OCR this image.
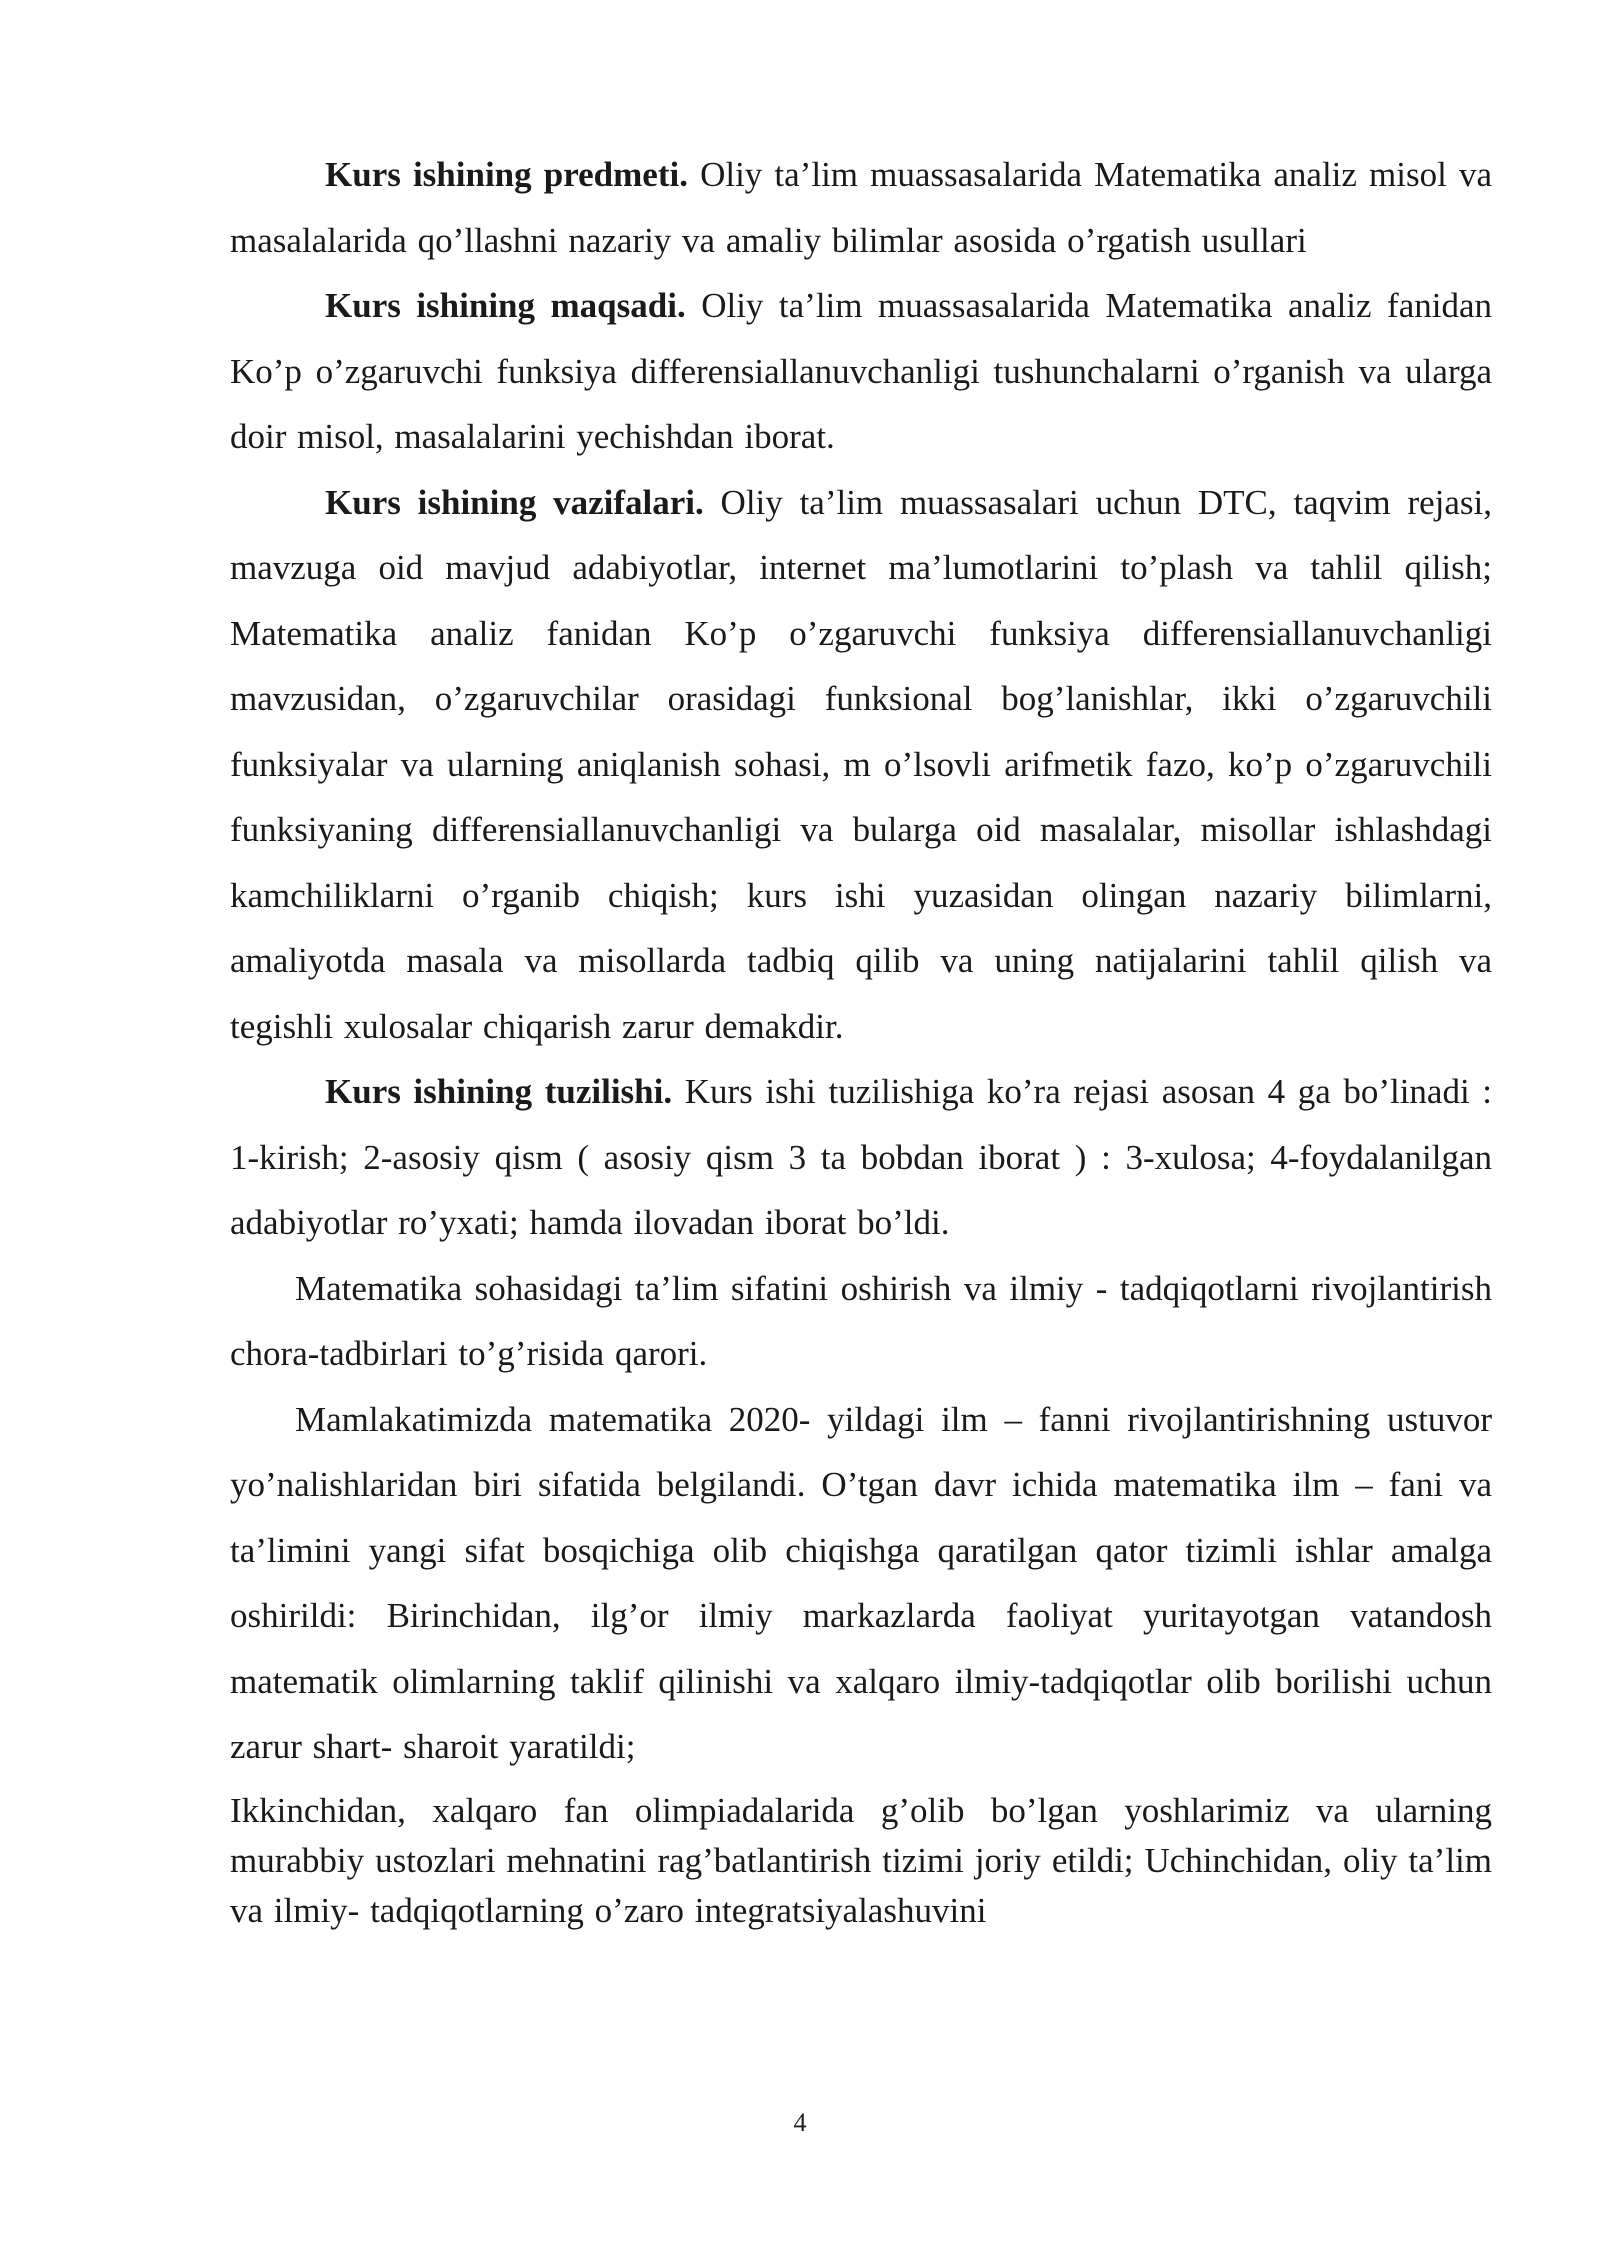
Kurs ishining predmeti. Oliy ta’lim muassasalarida Matematika analiz misol va masalalarida qo’llashni nazariy va amaliy bilimlar asosida o’rgatish usullari

Kurs ishining maqsadi. Oliy ta’lim muassasalarida Matematika analiz fanidan Ko’p o’zgaruvchi funksiya differensiallanuvchanligi tushunchalarni o’rganish va ularga doir misol, masalalarini yechishdan iborat.

Kurs ishining vazifalari. Oliy ta’lim muassasalari uchun DTC, taqvim rejasi, mavzuga oid mavjud adabiyotlar, internet ma’lumotlarini to’plash va tahlil qilish; Matematika analiz fanidan Ko’p o’zgaruvchi funksiya differensiallanuvchanligi mavzusidan, o’zgaruvchilar orasidagi funksional bog’lanishlar, ikki o’zgaruvchili funksiyalar va ularning aniqlanish sohasi, m o’lsovli arifmetik fazo, ko’p o’zgaruvchili funksiyaning differensiallanuvchanligi va bularga oid masalalar, misollar ishlashdagi kamchiliklarni o’rganib chiqish; kurs ishi yuzasidan olingan nazariy bilimlarni, amaliyotda masala va misollarda tadbiq qilib va uning natijalarini tahlil qilish va tegishli xulosalar chiqarish zarur demakdir.

Kurs ishining tuzilishi. Kurs ishi tuzilishiga ko’ra rejasi asosan 4 ga bo’linadi : 1-kirish; 2-asosiy qism ( asosiy qism 3 ta bobdan iborat ) : 3-xulosa; 4-foydalanilgan adabiyotlar ro’yxati; hamda ilovadan iborat bo’ldi.

Matematika sohasidagi ta’lim sifatini oshirish va ilmiy - tadqiqotlarni rivojlantirish chora-tadbirlari to’g’risida qarori.

Mamlakatimizda matematika 2020- yildagi ilm – fanni rivojlantirishning ustuvor yo’nalishlaridan biri sifatida belgilandi. O’tgan davr ichida matematika ilm – fani va ta’limini yangi sifat bosqichiga olib chiqishga qaratilgan qator tizimli ishlar amalga oshirildi: Birinchidan, ilg’or ilmiy markazlarda faoliyat yuritayotgan vatandosh matematik olimlarning taklif qilinishi va xalqaro ilmiy-tadqiqotlar olib borilishi uchun zarur shart- sharoit yaratildi;

Ikkinchidan, xalqaro fan olimpiadalarida g’olib bo’lgan yoshlarimiz va ularning murabbiy ustozlari mehnatini rag’batlantirish tizimi joriy etildi; Uchinchidan, oliy ta’lim va ilmiy- tadqiqotlarning o’zaro integratsiyalashuvini

4
